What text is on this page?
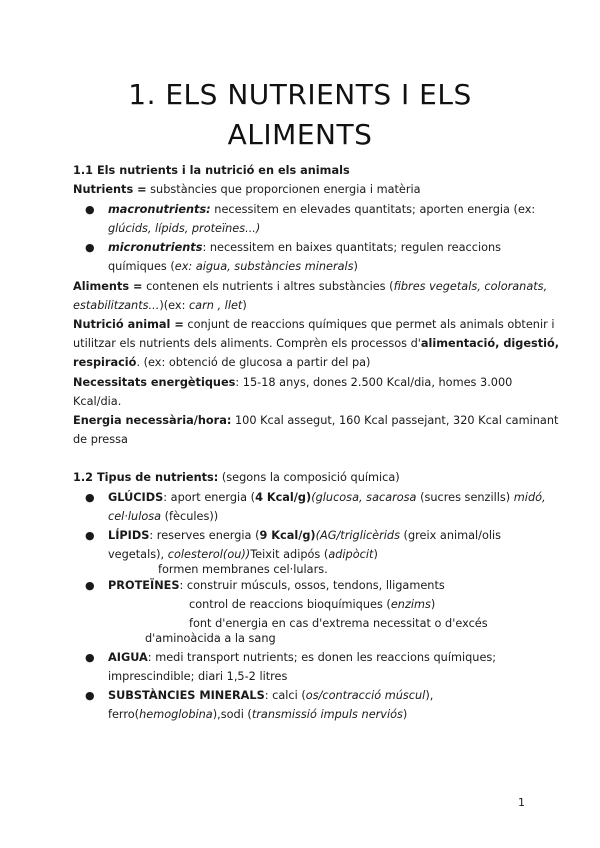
1. ELS NUTRIENTS I ELS
ALIMENTS
1.1 Els nutrients i la nutrició en els animals
Nutrients = substàncies que proporcionen energia i matèria
● macronutrients: necessitem en elevades quantitats; aporten energia (ex:
glúcids, lípids, proteïnes...)
● micronutrients: necessitem en baixes quantitats; regulen reaccions
químiques (ex: aigua, substàncies minerals)
Aliments = contenen els nutrients i altres substàncies (fibres vegetals, coloranats,
estabilitzants...)(ex: carn , llet)
Nutrició animal = conjunt de reaccions químiques que permet als animals obtenir i
utilitzar els nutrients dels aliments. Comprèn els processos d'alimentació, digestió,
respiració. (ex: obtenció de glucosa a partir del pa)
Necessitats energètiques: 15-18 anys, dones 2.500 Kcal/dia, homes 3.000
Kcal/dia.
Energia necessària/hora: 100 Kcal assegut, 160 Kcal passejant, 320 Kcal caminant
de pressa
1.2 Tipus de nutrients: (segons la composició química)
● GLÚCIDS: aport energia (4 Kcal/g)(glucosa, sacarosa (sucres senzills) midó,
cel·lulosa (fècules))
● LÍPIDS: reserves energia (9 Kcal/g)(AG/triglicèrids (greix animal/olis
vegetals), colesterol(ou))Teixit adipós (adipòcit)
formen membranes cel·lulars.
● PROTEÏNES: construir músculs, ossos, tendons, lligaments
control de reaccions bioquímiques (enzims)
font d'energia en cas d'extrema necessitat o d'excés
d'aminoàcida a la sang
● AIGUA: medi transport nutrients; es donen les reaccions químiques;
imprescindible; diari 1,5-2 litres
● SUBSTÀNCIES MINERALS: calci (os/contracció múscul),
ferro(hemoglobina),sodi (transmissió impuls nerviós)
1
